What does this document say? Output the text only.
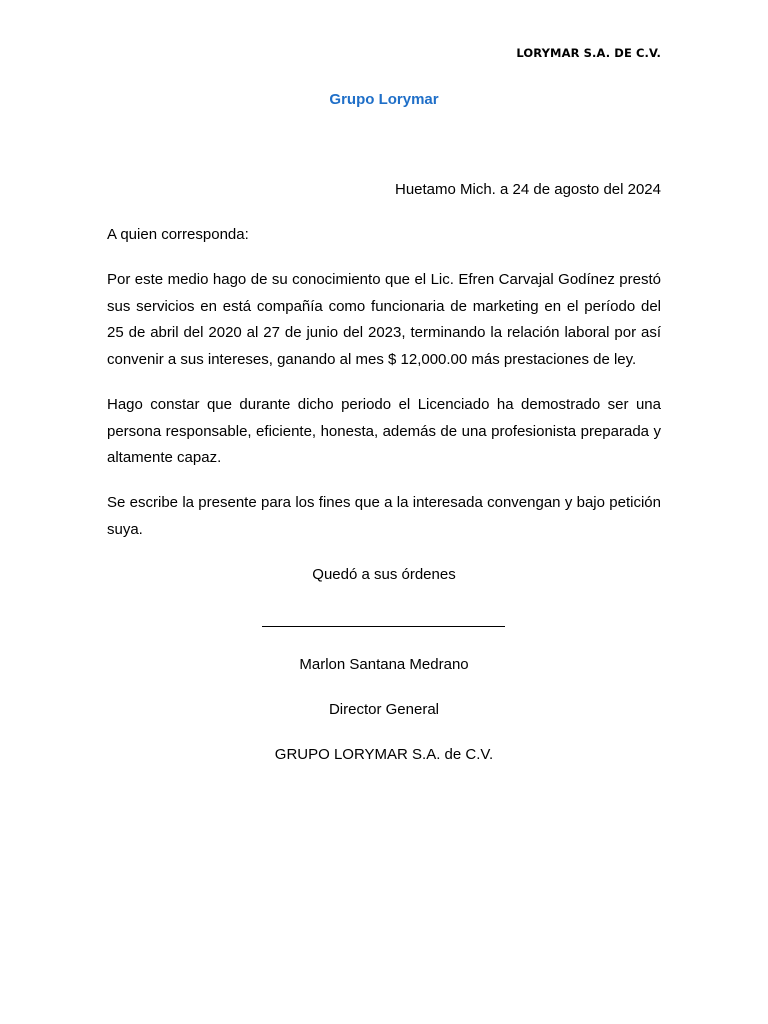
LORYMAR S.A. DE C.V.
Grupo Lorymar
Huetamo Mich. a 24 de agosto del 2024
A quien corresponda:

Por este medio hago de su conocimiento que el Lic. Efren Carvajal Godínez prestó sus servicios en está compañía como funcionaria de marketing en el período del 25 de abril del 2020 al 27 de junio del 2023, terminando la relación laboral por así convenir a sus intereses, ganando al mes $ 12,000.00 más prestaciones de ley.

Hago constar que durante dicho periodo el Licenciado ha demostrado ser una persona responsable, eficiente, honesta, además de una profesionista preparada y altamente capaz.

Se escribe la presente para los fines que a la interesada convengan y bajo petición suya.

Quedó a sus órdenes
Marlon Santana Medrano
Director General
GRUPO LORYMAR S.A. de C.V.
